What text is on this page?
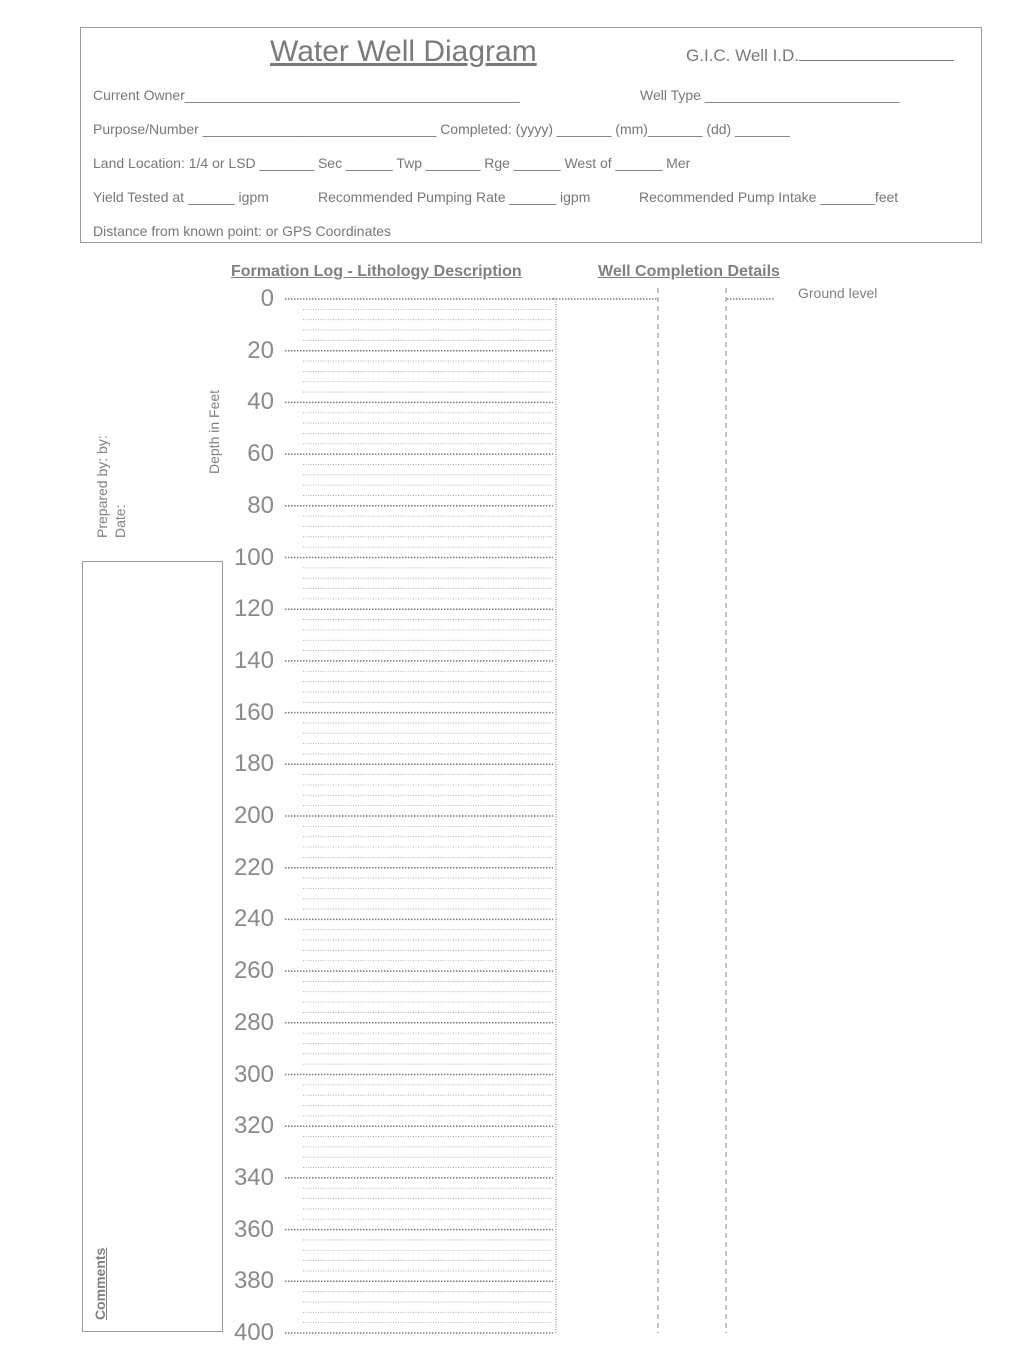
Water Well Diagram	G.I.C. Well I.D.
Current Owner___________________________________________	Well Type _________________________
Purpose/Number ______________________________ Completed: (yyyy) _______ (mm)_______ (dd) _______
Land Location: 1/4 or LSD _______ Sec ______ Twp _______ Rge ______ West of ______ Mer
Yield Tested at ______ igpm	Recommended Pumping Rate ______ igpm	Recommended Pump Intake _______feet
Distance from known point: or GPS Coordinates
Formation Log - Lithology Description	Well Completion Details
Ground level
Depth in Feet
Prepared by: by: Date:
Comments
0
20
40
60
80
100
120
140
160
180
200
220
240
260
280
300
320
340
360
380
400
